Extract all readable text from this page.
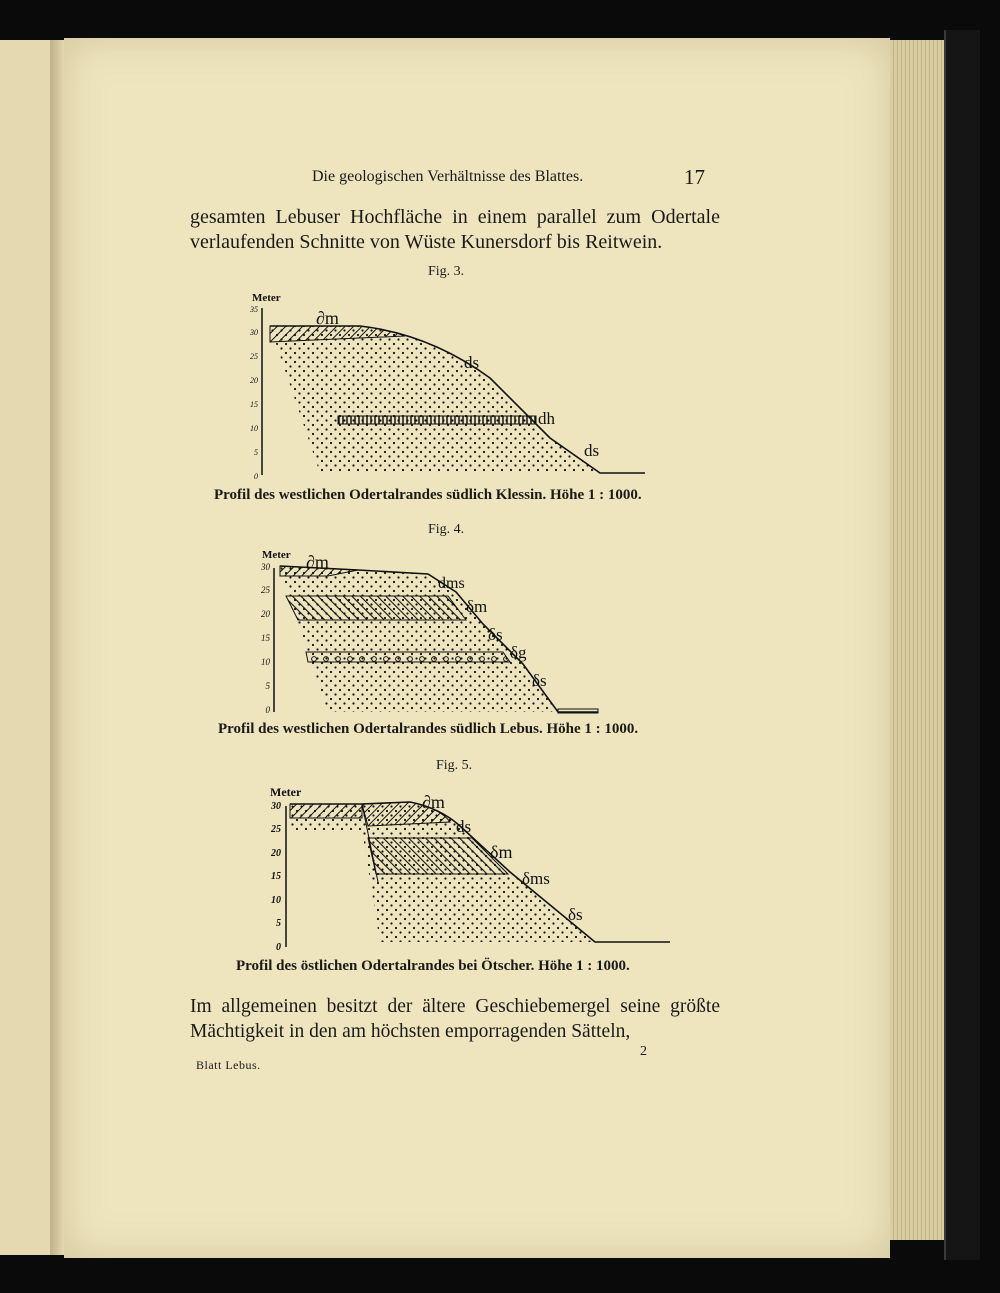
Die geologischen Verhältnisse des Blattes.	17

gesamten Lebuser Hochfläche in einem parallel zum Odertale verlaufenden Schnitte von Wüste Kunersdorf bis Reitwein.

Fig. 3.

Meter
35
30
25
20
15
10
5
0
∂m
ds
dh
ds

Profil des westlichen Odertalrandes südlich Klessin. Höhe 1 : 1000.

Fig. 4.

Meter
30
25
20
15
10
5
0
∂m
dms
δm
δs
δg
δs

Profil des westlichen Odertalrandes südlich Lebus. Höhe 1 : 1000.

Fig. 5.

Meter
30
25
20
15
10
5
0
∂m
ds
δm
δms
δs

Profil des östlichen Odertalrandes bei Ötscher. Höhe 1 : 1000.

Im allgemeinen besitzt der ältere Geschiebemergel seine größte Mächtigkeit in den am höchsten emporragenden Sätteln,

2

Blatt Lebus.
